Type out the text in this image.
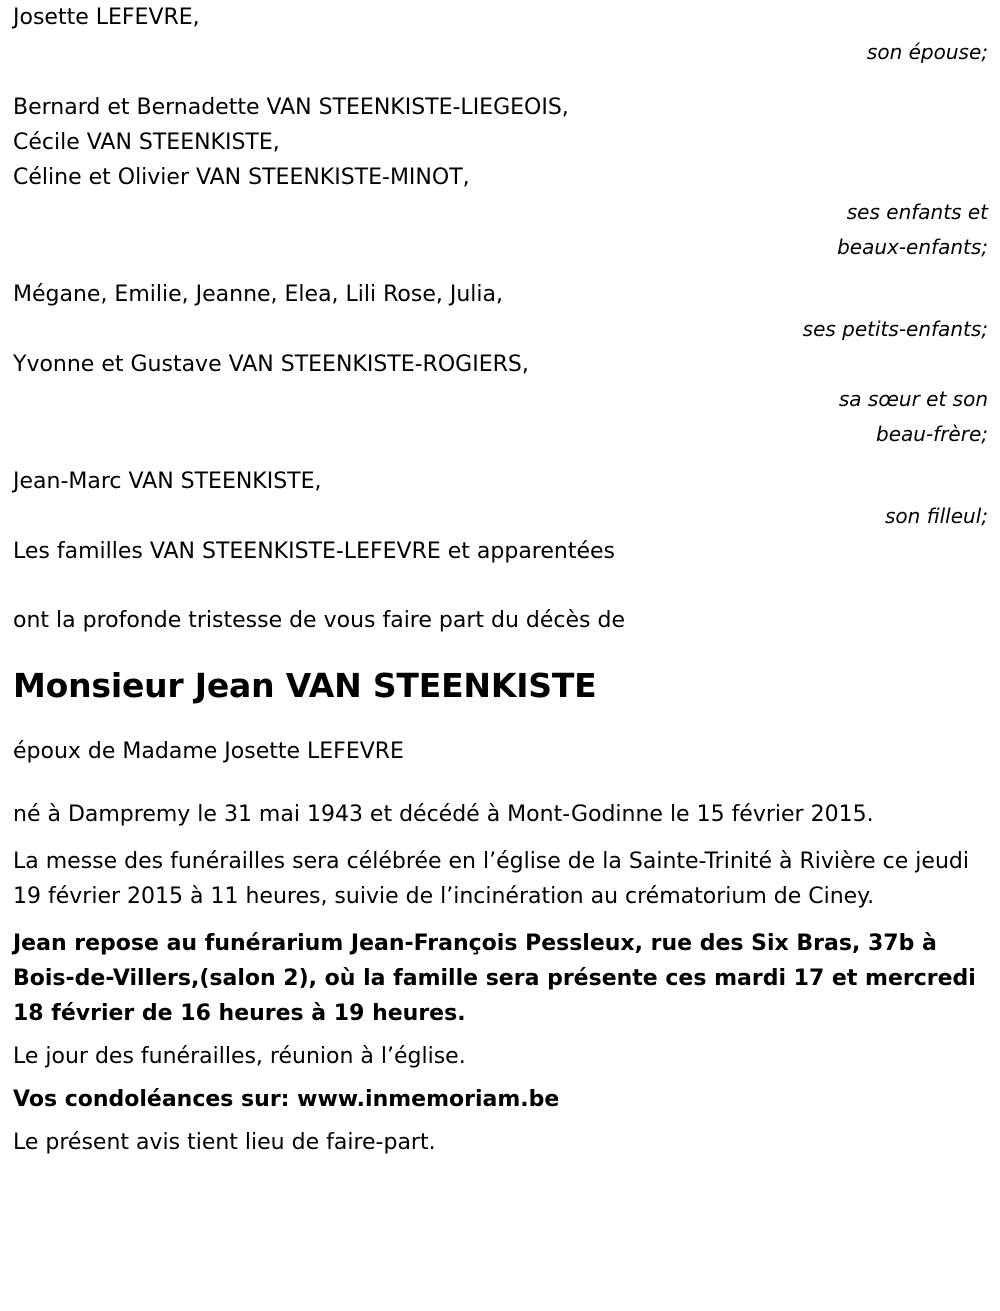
Josette LEFEVRE,
son épouse;
Bernard et Bernadette VAN STEENKISTE-LIEGEOIS,
Cécile VAN STEENKISTE,
Céline et Olivier VAN STEENKISTE-MINOT,
ses enfants et
beaux-enfants;
Mégane, Emilie, Jeanne, Elea, Lili Rose, Julia,
ses petits-enfants;
Yvonne et Gustave VAN STEENKISTE-ROGIERS,
sa sœur et son
beau-frère;
Jean-Marc VAN STEENKISTE,
son filleul;
Les familles VAN STEENKISTE-LEFEVRE et apparentées

ont la profonde tristesse de vous faire part du décès de

Monsieur Jean VAN STEENKISTE

époux de Madame Josette LEFEVRE

né à Dampremy le 31 mai 1943 et décédé à Mont-Godinne le 15 février 2015.

La messe des funérailles sera célébrée en l’église de la Sainte-Trinité à Rivière ce jeudi 19 février 2015 à 11 heures, suivie de l’incinération au crématorium de Ciney.

Jean repose au funérarium Jean-François Pessleux, rue des Six Bras, 37b à Bois-de-Villers,(salon 2), où la famille sera présente ces mardi 17 et mercredi 18 février de 16 heures à 19 heures.

Le jour des funérailles, réunion à l’église.

Vos condoléances sur: www.inmemoriam.be

Le présent avis tient lieu de faire-part.
